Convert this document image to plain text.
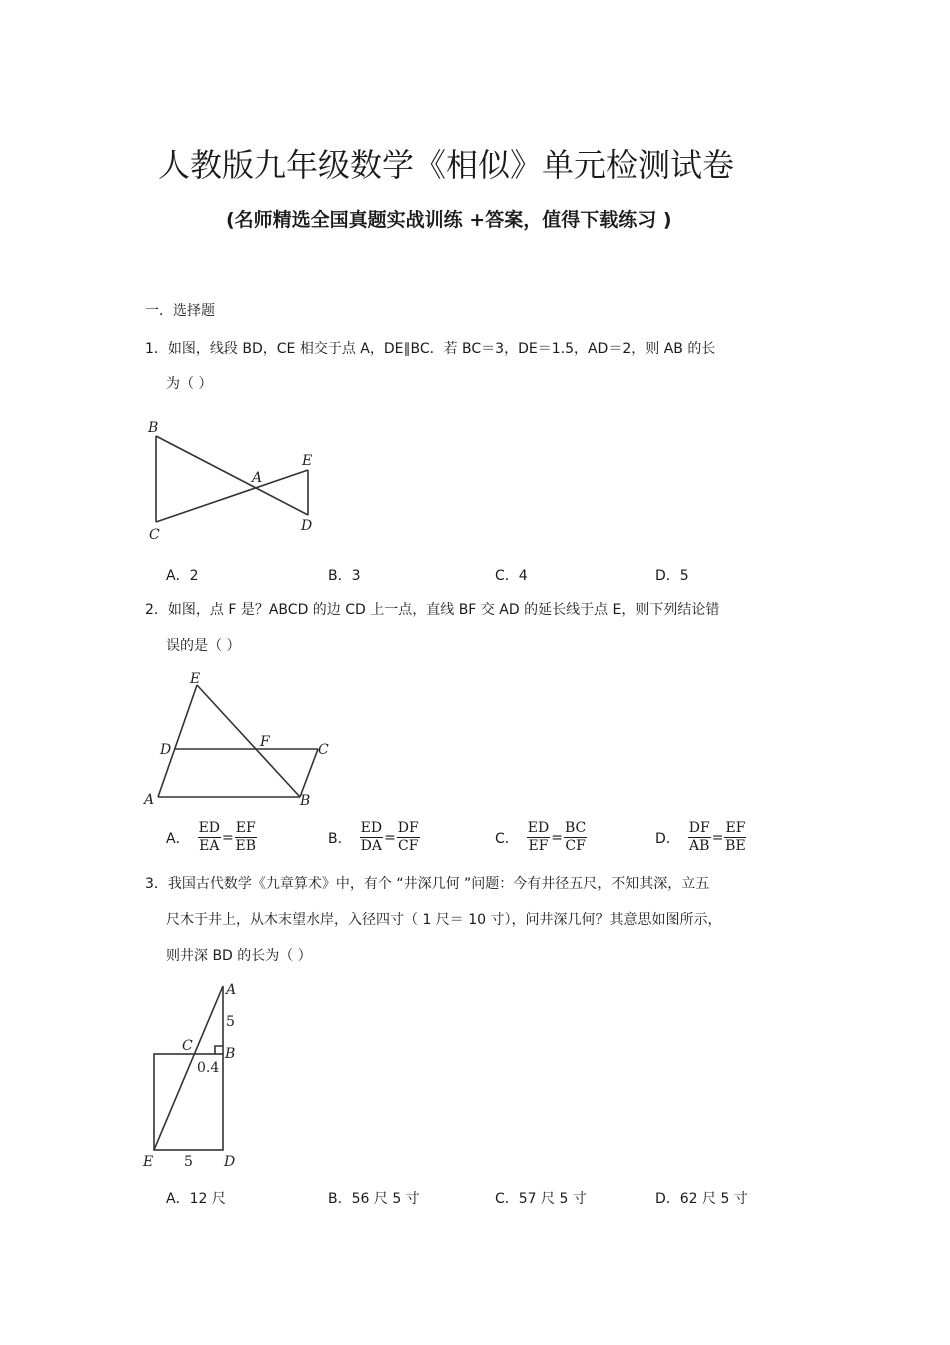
人教版九年级数学《相似》单元检测试卷
(名师精选全国真题实战训练 +答案，值得下载练习 )
一．选择题
1．如图，线段 BD，CE 相交于点 A，DE∥BC．若 BC＝3，DE＝1.5，AD＝2，则 AB 的长
为（ ）
B
C
A
E
D
A．2	B．3	C．4	D．5
2．如图，点 F 是？ABCD 的边 CD 上一点，直线 BF 交 AD 的延长线于点 E，则下列结论错
误的是（ ）
E
D	F	C
A	B
A． $\frac{ED}{EA} = \frac{EF}{EB}$	B． $\frac{ED}{DA} = \frac{DF}{CF}$	C． $\frac{ED}{EF} = \frac{BC}{CF}$	D． $\frac{DF}{AB} = \frac{EF}{BE}$
3．我国古代数学《九章算术》中，有个 “井深几何 ”问题：今有井径五尺，不知其深，立五
尺木于井上，从木末望水岸，入径四寸（ 1 尺＝ 10 寸），问井深几何？其意思如图所示，
则井深 BD 的长为（ ）
A
5
C B
0.4
E 5 D
A．12 尺	B．56 尺 5 寸	C．57 尺 5 寸	D．62 尺 5 寸
